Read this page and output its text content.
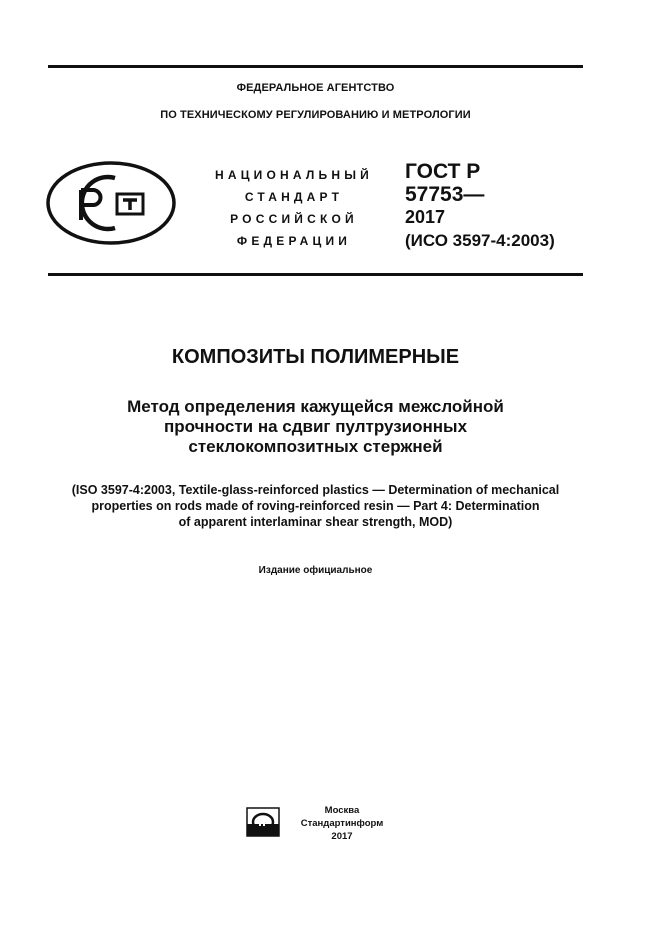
ФЕДЕРАЛЬНОЕ АГЕНТСТВО
ПО ТЕХНИЧЕСКОМУ РЕГУЛИРОВАНИЮ И МЕТРОЛОГИИ
НАЦИОНАЛЬНЫЙ
СТАНДАРТ
РОССИЙСКОЙ
ФЕДЕРАЦИИ
ГОСТ Р
57753—
2017
(ИСО 3597-4:2003)
КОМПОЗИТЫ ПОЛИМЕРНЫЕ
Метод определения кажущейся межслойной
прочности на сдвиг пултрузионных
стеклокомпозитных стержней
(ISO 3597-4:2003, Textile-glass-reinforced plastics — Determination of mechanical
properties on rods made of roving-reinforced resin — Part 4: Determination
of apparent interlaminar shear strength, MOD)
Издание официальное
Москва
Стандартинформ
2017
